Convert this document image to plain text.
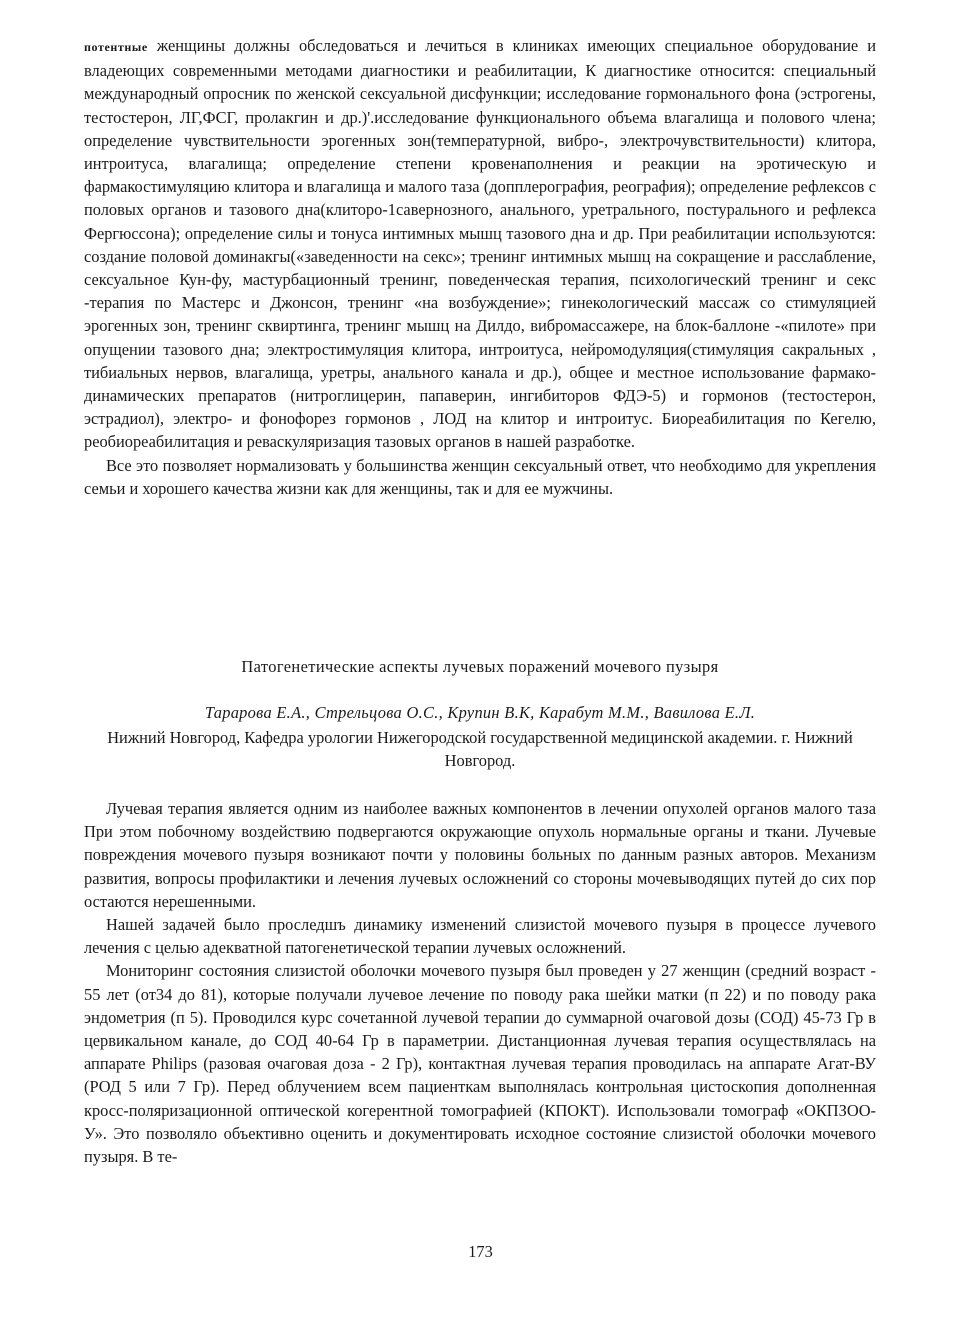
потентные женщины должны обследоваться и лечиться в клиниках имеющих специальное оборудование и владеющих современными методами диагностики и реабилитации, К диагностике относится: специальный международный опросник по женской сексуальной дисфункции; исследование гормонального фона (эстрогены, тестостерон, ЛГ,ФСГ, пролакгин и др.)'.исследование функционального объема влагалища и полового члена; определение чувствительности эрогенных зон(температурной, вибро-, электрочувствительности) клитора, интроитуса, влагалища; определение степени кровенаполнения и реакции на эротическую и фармакостимуляцию клитора и влагалища и малого таза (допплерография, реография); определение рефлексов с половых органов и тазового дна(клиторо-1савернозного, анального, уретрального, постурального и рефлекса Фергюссона); определение силы и тонуса интимных мышц тазового дна и др. При реабилитации используются: создание половой доминакгы(«заведенности на секс»; тренинг интимных мышц на сокращение и расслабление, сексуальное Кун-фу, мастурбационный тренинг, поведенческая терапия, психологический тренинг и секс -терапия по Мастерс и Джонсон, тренинг «на возбуждение»; гинекологический массаж со стимуляцией эрогенных зон, тренинг сквиртинга, тренинг мышц на Дилдо, вибромассажере, на блок-баллоне -«пилоте» при опущении тазового дна; электростимуляция клитора, интроитуса, нейромодуляция(стимуляция сакральных , тибиальных нервов, влагалища, уретры, анального канала и др.), общее и местное использование фармако- динамических препаратов (нитроглицерин, папаверин, ингибиторов ФДЭ-5) и гормонов (тестостерон, эстрадиол), электро- и фонофорез гормонов , ЛОД на клитор и интроитус. Биореабилитация по Кегелю, реобиореабилитация и реваскуляризация тазовых органов в нашей разработке.

Все это позволяет нормализовать у большинства женщин сексуальный ответ, что необходимо для укрепления семьи и хорошего качества жизни как для женщины, так и для ее мужчины.

Патогенетические аспекты лучевых поражений мочевого пузыря
Тарарова Е.А., Стрельцова О.С., Крупин В.К, Карабут М.М., Вавилова Е.Л.
Нижний Новгород, Кафедра урологии Нижегородской государственной медицинской академии. г. Нижний Новгород.

Лучевая терапия является одним из наиболее важных компонентов в лечении опухолей органов малого таза При этом побочному воздействию подвергаются окружающие опухоль нормальные органы и ткани. Лучевые повреждения мочевого пузыря возникают почти у половины больных по данным разных авторов. Механизм развития, вопросы профилактики и лечения лучевых осложнений со стороны мочевыводящих путей до сих пор остаются нерешенными.

Нашей задачей было проследшъ динамику изменений слизистой мочевого пузыря в процессе лучевого лечения с целью адекватной патогенетической терапии лучевых осложнений.

Мониторинг состояния слизистой оболочки мочевого пузыря был проведен у 27 женщин (средний возраст - 55 лет (от34 до 81), которые получали лучевое лечение по поводу рака шейки матки (п 22) и по поводу рака эндометрия (п 5). Проводился курс сочетанной лучевой терапии до суммарной очаговой дозы (СОД) 45-73 Гр в цервикальном канале, до СОД 40-64 Гр в параметрии. Дистанционная лучевая терапия осуществлялась на аппарате Philips (разовая очаговая доза - 2 Гр), контактная лучевая терапия проводилась на аппарате Агат-ВУ (РОД 5 или 7 Гр). Перед облучением всем пациенткам выполнялась контрольная цистоскопия дополненная кросс-поляризационной оптической когерентной томографией (КПОКТ). Использовали томограф «ОКПЗОО-У». Это позволяло объективно оценить и документировать исходное состояние слизистой оболочки мочевого пузыря. В те-

173
